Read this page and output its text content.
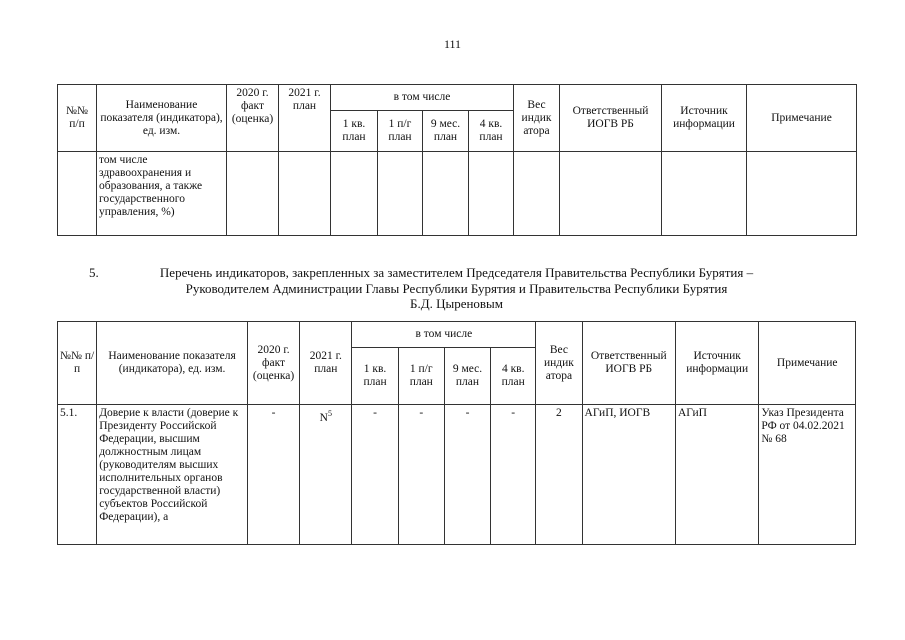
111
№№ п/п	Наименование показателя (индикатора), ед. изм.	2020 г. факт (оценка)	2021 г. план	в том числе				Вес индик атора	Ответственный ИОГВ РБ	Источник информации	Примечание
				1 кв. план	1 п/г план	9 мес. план	4 кв. план				
	том числе здравоохранения и образования, а также государственного управления, %)										
5.	Перечень индикаторов, закрепленных за заместителем Председателя Правительства Республики Бурятия –
Руководителем Администрации Главы Республики Бурятия и Правительства Республики Бурятия
Б.Д. Цыреновым
№№ п/п	Наименование показателя (индикатора), ед. изм.	2020 г. факт (оценка)	2021 г. план	в том числе				Вес индик атора	Ответственный ИОГВ РБ	Источник информации	Примечание
				1 кв. план	1 п/г план	9 мес. план	4 кв. план				
5.1.	Доверие к власти (доверие к Президенту Российской Федерации, высшим должностным лицам (руководителям высших исполнительных органов государственной власти) субъектов Российской Федерации), а	-	$N^5$	-	-	-	-	2	АГиП, ИОГВ	АГиП	Указ Президента РФ от 04.02.2021 № 68
